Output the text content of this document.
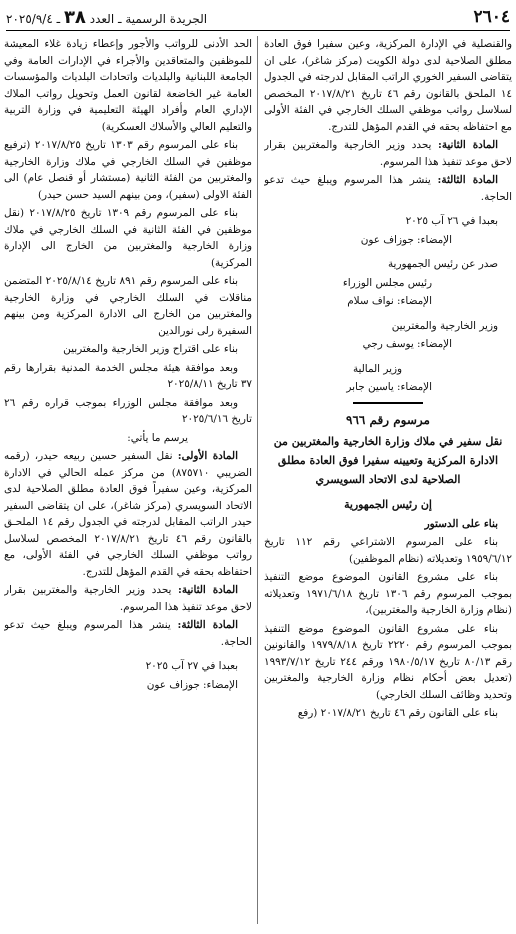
٢٦٠٤
الجريدة الرسمية ـ العدد ٣٨ ـ ٢٠٢٥/٩/٤

والقنصلية في الإدارة المركزية، وعين سفيرا فوق العادة مطلق الصلاحية لدى دولة الكويت (مركز شاغر)، على ان يتقاضى السفير الخوري الراتب المقابل لدرجته في الجدول ١٤ الملحق بالقانون رقم ٤٦ تاريخ ٢٠١٧/٨/٢١ المخصص لسلاسل رواتب موظفي السلك الخارجي في الفئة الأولى مع احتفاظه بحقه في القدم المؤهل للتدرج.

المادة الثانية: يحدد وزير الخارجية والمغتربين بقرار لاحق موعد تنفيذ هذا المرسوم.

المادة الثالثة: ينشر هذا المرسوم ويبلغ حيث تدعو الحاجة.

بعبدا في ٢٦ آب ٢٠٢٥

الإمضاء: جوزاف عون

صدر عن رئيس الجمهورية

رئيس مجلس الوزراء

الإمضاء: نواف سلام

وزير الخارجية والمغتربين

الإمضاء: يوسف رجي

وزير المالية

الإمضاء: ياسين جابر

مرسوم رقم ٩٦٦

نقل سفير في ملاك وزارة الخارجية والمغتربين من الادارة المركزية وتعيينه سفيرا فوق العادة مطلق الصلاحية لدى الاتحاد السويسري

إن رئيس الجمهورية

بناء على الدستور

بناء على المرسوم الاشتراعي رقم ١١٢ تاريخ ١٩٥٩/٦/١٢ وتعديلاته (نظام الموظفين)

بناء على مشروع القانون الموضوع موضع التنفيذ بموجب المرسوم رقم ١٣٠٦ تاريخ ١٩٧١/٦/١٨ وتعديلاته (نظام وزارة الخارجية والمغتربين)،

بناء على مشروع القانون الموضوع موضع التنفيذ بموجب المرسوم رقم ٢٢٢٠ تاريخ ١٩٧٩/٨/١٨ والقانونين رقم ٨٠/١٣ تاريخ ١٩٨٠/٥/١٧ ورقم ٢٤٤ تاريخ ١٩٩٣/٧/١٢ (تعديل بعض أحكام نظام وزارة الخارجية والمغتربين وتحديد وظائف السلك الخارجي)

بناء على القانون رقم ٤٦ تاريخ ٢٠١٧/٨/٢١ (رفع

الحد الأدنى للرواتب والأجور وإعطاء زيادة غلاء المعيشة للموظفين والمتعاقدين والأجراء في الإدارات العامة وفي الجامعة اللبنانية والبلديات واتحادات البلديات والمؤسسات العامة غير الخاضعة لقانون العمل وتحويل رواتب الملاك الإداري العام وأفراد الهيئة التعليمية في وزارة التربية والتعليم العالي والأسلاك العسكرية)

بناء على المرسوم رقم ١٣٠٣ تاريخ ٢٠١٧/٨/٢٥ (ترفيع موظفين في السلك الخارجي في ملاك وزارة الخارجية والمغتربين من الفئة الثانية (مستشار أو قنصل عام) الى الفئة الاولى (سفير)، ومن بينهم السيد حسن حيدر)

بناء على المرسوم رقم ١٣٠٩ تاريخ ٢٠١٧/٨/٢٥ (نقل موظفين في الفئة الثانية في السلك الخارجي في ملاك وزارة الخارجية والمغتربين من الخارج الى الإدارة المركزية)

بناء على المرسوم رقم ٨٩١ تاريخ ٢٠٢٥/٨/١٤ المتضمن مناقلات في السلك الخارجي في وزارة الخارجية والمغتربين من الخارج الى الادارة المركزية ومن بينهم السفيرة رلى نورالدين

بناء على اقتراح وزير الخارجية والمغتربين

وبعد موافقة هيئة مجلس الخدمة المدنية بقرارها رقم ٣٧ تاريخ ٢٠٢٥/٨/١١

وبعد موافقة مجلس الوزراء بموجب قراره رقم ٢٦ تاريخ ٢٠٢٥/٦/١٦

يرسم ما يأتي:

المادة الأولى: نقل السفير حسين ربيعه حيدر، (رقمه الضريبي ٨٧٥٧١٠) من مركز عمله الحالي في الادارة المركزية، وعين سفيراً فوق العادة مطلق الصلاحية لدى الاتحاد السويسري (مركز شاغر)، على ان يتقاضى السفير حيدر الراتب المقابل لدرجته في الجدول رقم ١٤ الملحـق بالقانون رقم ٤٦ تاريخ ٢٠١٧/٨/٢١ المخصص لسلاسل رواتب موظفي السلك الخارجي في الفئة الأولى، مع احتفاظه بحقه في القدم المؤهل للتدرج.

المادة الثانية: يحدد وزير الخارجية والمغتربين بقرار لاحق موعد تنفيذ هذا المرسوم.

المادة الثالثة: ينشر هذا المرسوم ويبلغ حيث تدعو الحاجة.

بعبدا في ٢٧ آب ٢٠٢٥

الإمضاء: جوزاف عون
